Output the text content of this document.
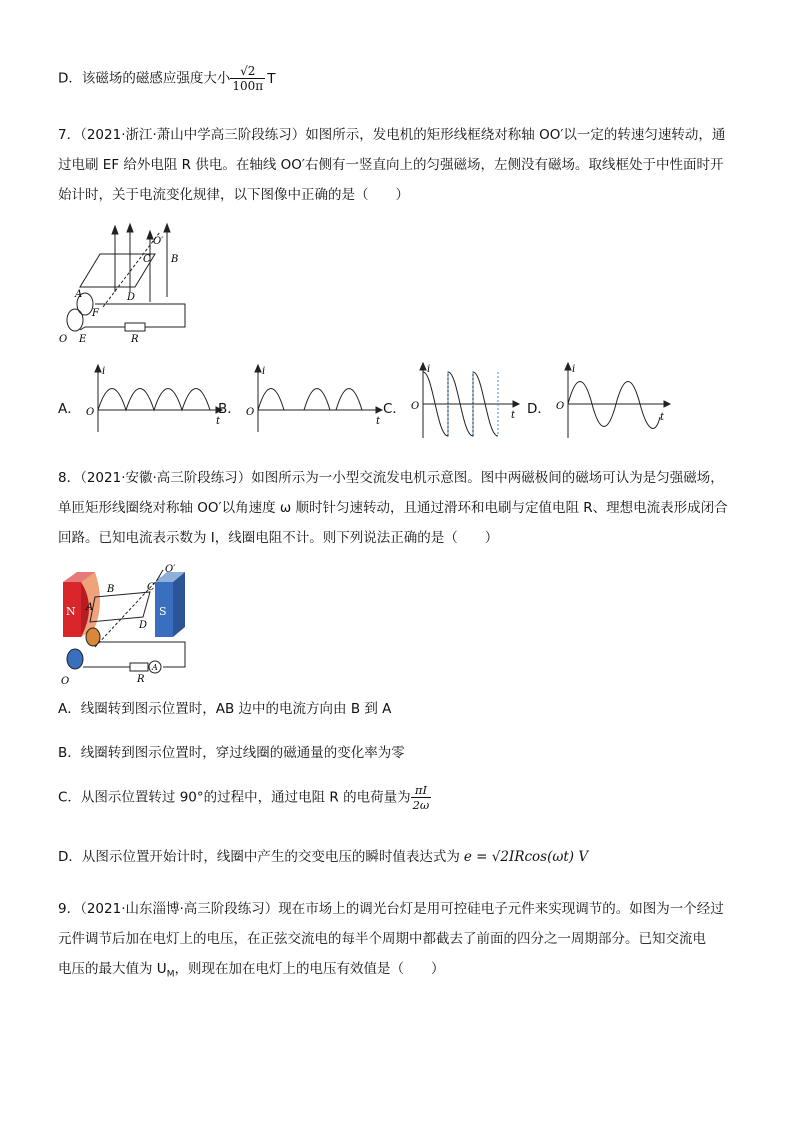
D．该磁场的磁感应强度大小 $\frac{√2}{100\pi}$ T
7．（2021·浙江·萧山中学高三阶段练习）如图所示，发电机的矩形线框绕对称轴 OO′以一定的转速匀速转动，通
过电刷 EF 给外电阻 R 供电。在轴线 OO′右侧有一竖直向上的匀强磁场，左侧没有磁场。取线框处于中性面时开
始计时，关于电流变化规律，以下图像中正确的是（　　）
O′
B
C
D
A
F
O E	R
A．
i
t
O	B．
i
t
O	C．
i
t
O	D．
i
t
O
8．（2021·安徽·高三阶段练习）如图所示为一小型交流发电机示意图。图中两磁极间的磁场可认为是匀强磁场，
单匝矩形线圈绕对称轴 OO′以角速度 ω 顺时针匀速转动，且通过滑环和电刷与定值电阻 R、理想电流表形成闭合
回路。已知电流表示数为 I，线圈电阻不计。则下列说法正确的是（　　）
N	S
O′
A
B	C
D
A
R
O
A．线圈转到图示位置时，AB 边中的电流方向由 B 到 A
B．线圈转到图示位置时，穿过线圈的磁通量的变化率为零
C．从图示位置转过 90°的过程中，通过电阻 R 的电荷量为 $\frac{\pi I}{2\omega}$
D．从图示位置开始计时，线圈中产生的交变电压的瞬时值表达式为 e = √2IRcos(ωt) V
9．（2021·山东淄博·高三阶段练习）现在市场上的调光台灯是用可控硅电子元件来实现调节的。如图为一个经过
元件调节后加在电灯上的电压，在正弦交流电的每半个周期中都截去了前面的四分之一周期部分。已知交流电
电压的最大值为 $U_M$，则现在加在电灯上的电压有效值是（　　）
